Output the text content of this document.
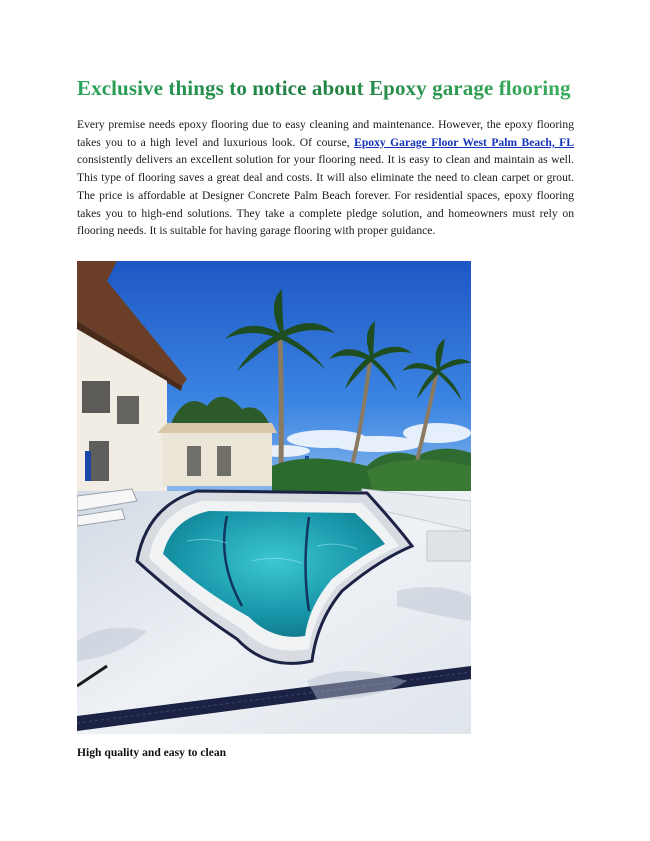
Exclusive things to notice about Epoxy garage flooring

Every premise needs epoxy flooring due to easy cleaning and maintenance. However, the epoxy flooring takes you to a high level and luxurious look. Of course, Epoxy Garage Floor West Palm Beach, FL consistently delivers an excellent solution for your flooring need. It is easy to clean and maintain as well. This type of flooring saves a great deal and costs. It will also eliminate the need to clean carpet or grout. The price is affordable at Designer Concrete Palm Beach forever. For residential spaces, epoxy flooring takes you to high-end solutions. They take a complete pledge solution, and homeowners must rely on flooring needs. It is suitable for having garage flooring with proper guidance.

High quality and easy to clean
